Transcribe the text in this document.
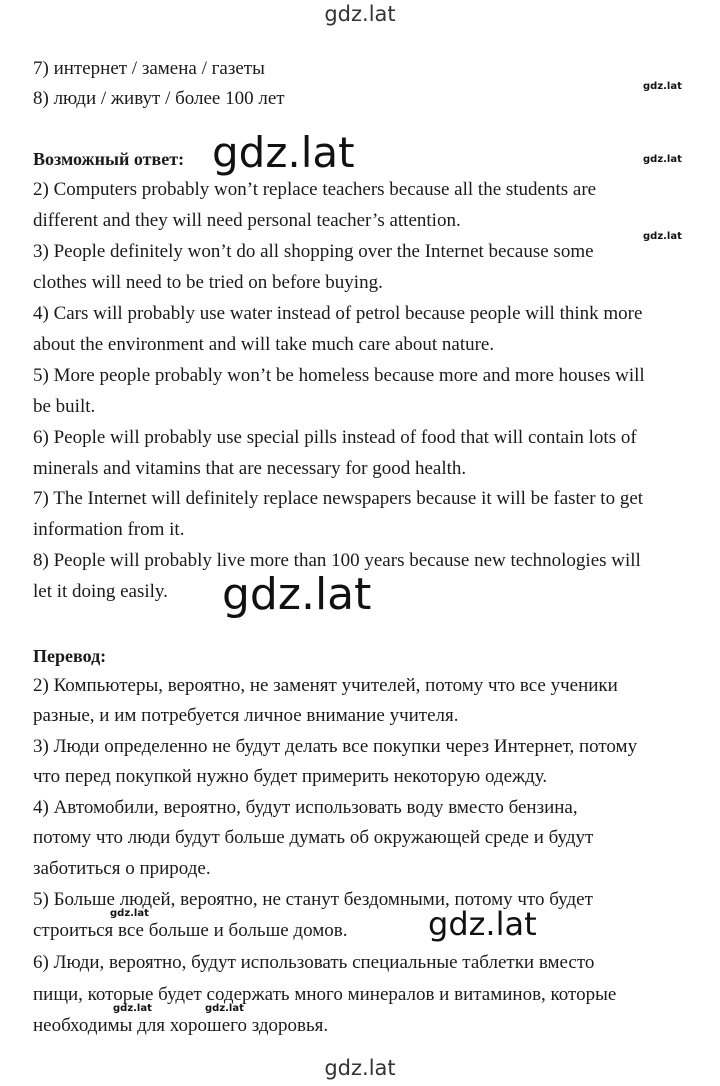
gdz.lat
7) интернет / замена / газеты
8) люди / живут / более 100 лет
Возможный ответ:
2) Computers probably won’t replace teachers because all the students are
different and they will need personal teacher’s attention.
3) People definitely won’t do all shopping over the Internet because some
clothes will need to be tried on before buying.
4) Cars will probably use water instead of petrol because people will think more
about the environment and will take much care about nature.
5) More people probably won’t be homeless because more and more houses will
be built.
6) People will probably use special pills instead of food that will contain lots of
minerals and vitamins that are necessary for good health.
7) The Internet will definitely replace newspapers because it will be faster to get
information from it.
8) People will probably live more than 100 years because new technologies will
let it doing easily.
Перевод:
2) Компьютеры, вероятно, не заменят учителей, потому что все ученики
разные, и им потребуется личное внимание учителя.
3) Люди определенно не будут делать все покупки через Интернет, потому
что перед покупкой нужно будет примерить некоторую одежду.
4) Автомобили, вероятно, будут использовать воду вместо бензина,
потому что люди будут больше думать об окружающей среде и будут
заботиться о природе.
5) Больше людей, вероятно, не станут бездомными, потому что будет
строиться все больше и больше домов.
6) Люди, вероятно, будут использовать специальные таблетки вместо
пищи, которые будет содержать много минералов и витаминов, которые
необходимы для хорошего здоровья.
gdz.lat
gdz.lat
gdz.lat
gdz.lat
gdz.lat
gdz.lat
gdz.lat
gdz.lat	gdz.lat
gdz.lat
